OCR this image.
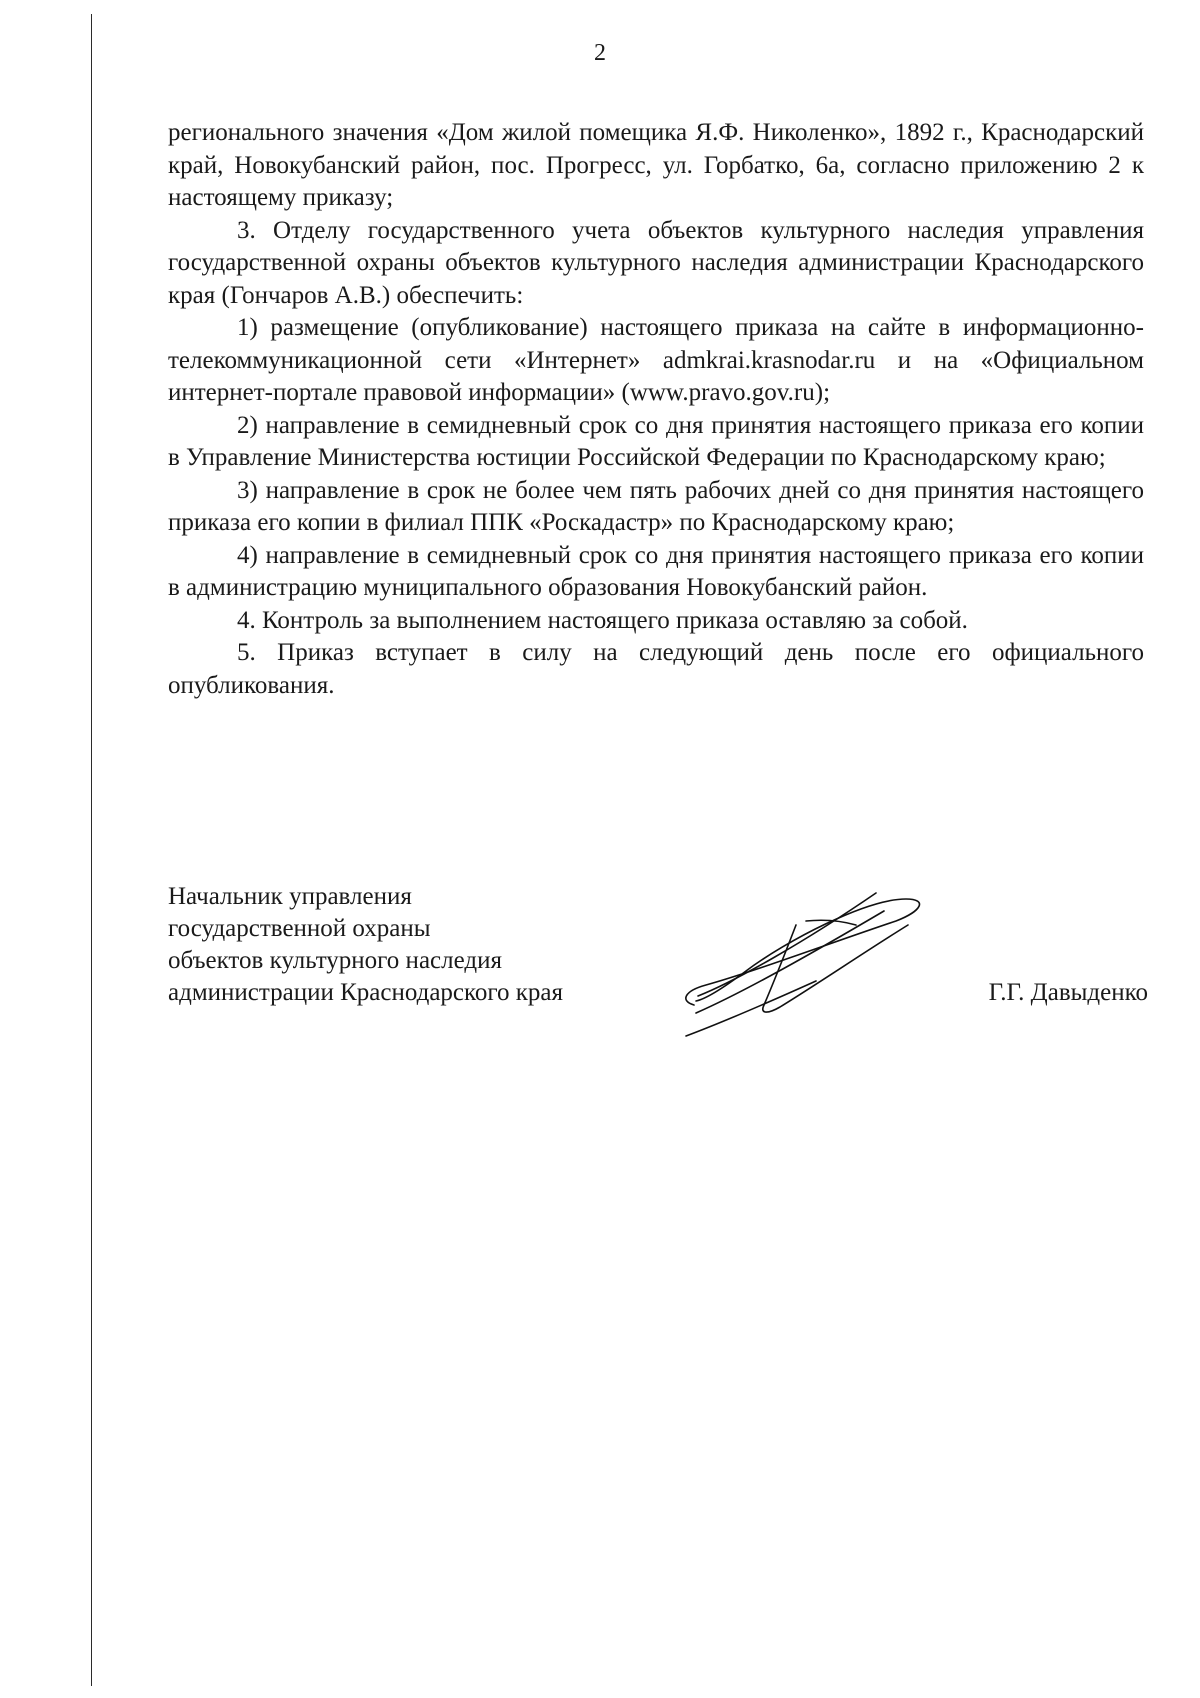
2

регионального значения «Дом жилой помещика Я.Ф. Николенко», 1892 г., Краснодарский край, Новокубанский район, пос. Прогресс, ул. Горбатко, 6а, согласно приложению 2 к настоящему приказу;

3. Отделу государственного учета объектов культурного наследия управления государственной охраны объектов культурного наследия администрации Краснодарского края (Гончаров А.В.) обеспечить:

1) размещение (опубликование) настоящего приказа на сайте в информационно-телекоммуникационной сети «Интернет» admkrai.krasnodar.ru и на «Официальном интернет-портале правовой информации» (www.pravo.gov.ru);

2) направление в семидневный срок со дня принятия настоящего приказа его копии в Управление Министерства юстиции Российской Федерации по Краснодарскому краю;

3) направление в срок не более чем пять рабочих дней со дня принятия настоящего приказа его копии в филиал ППК «Роскадастр» по Краснодарскому краю;

4) направление в семидневный срок со дня принятия настоящего приказа его копии в администрацию муниципального образования Новокубанский район.

4. Контроль за выполнением настоящего приказа оставляю за собой.

5. Приказ вступает в силу на следующий день после его официального опубликования.

Начальник управления
государственной охраны
объектов культурного наследия
администрации Краснодарского края	Г.Г. Давыденко
